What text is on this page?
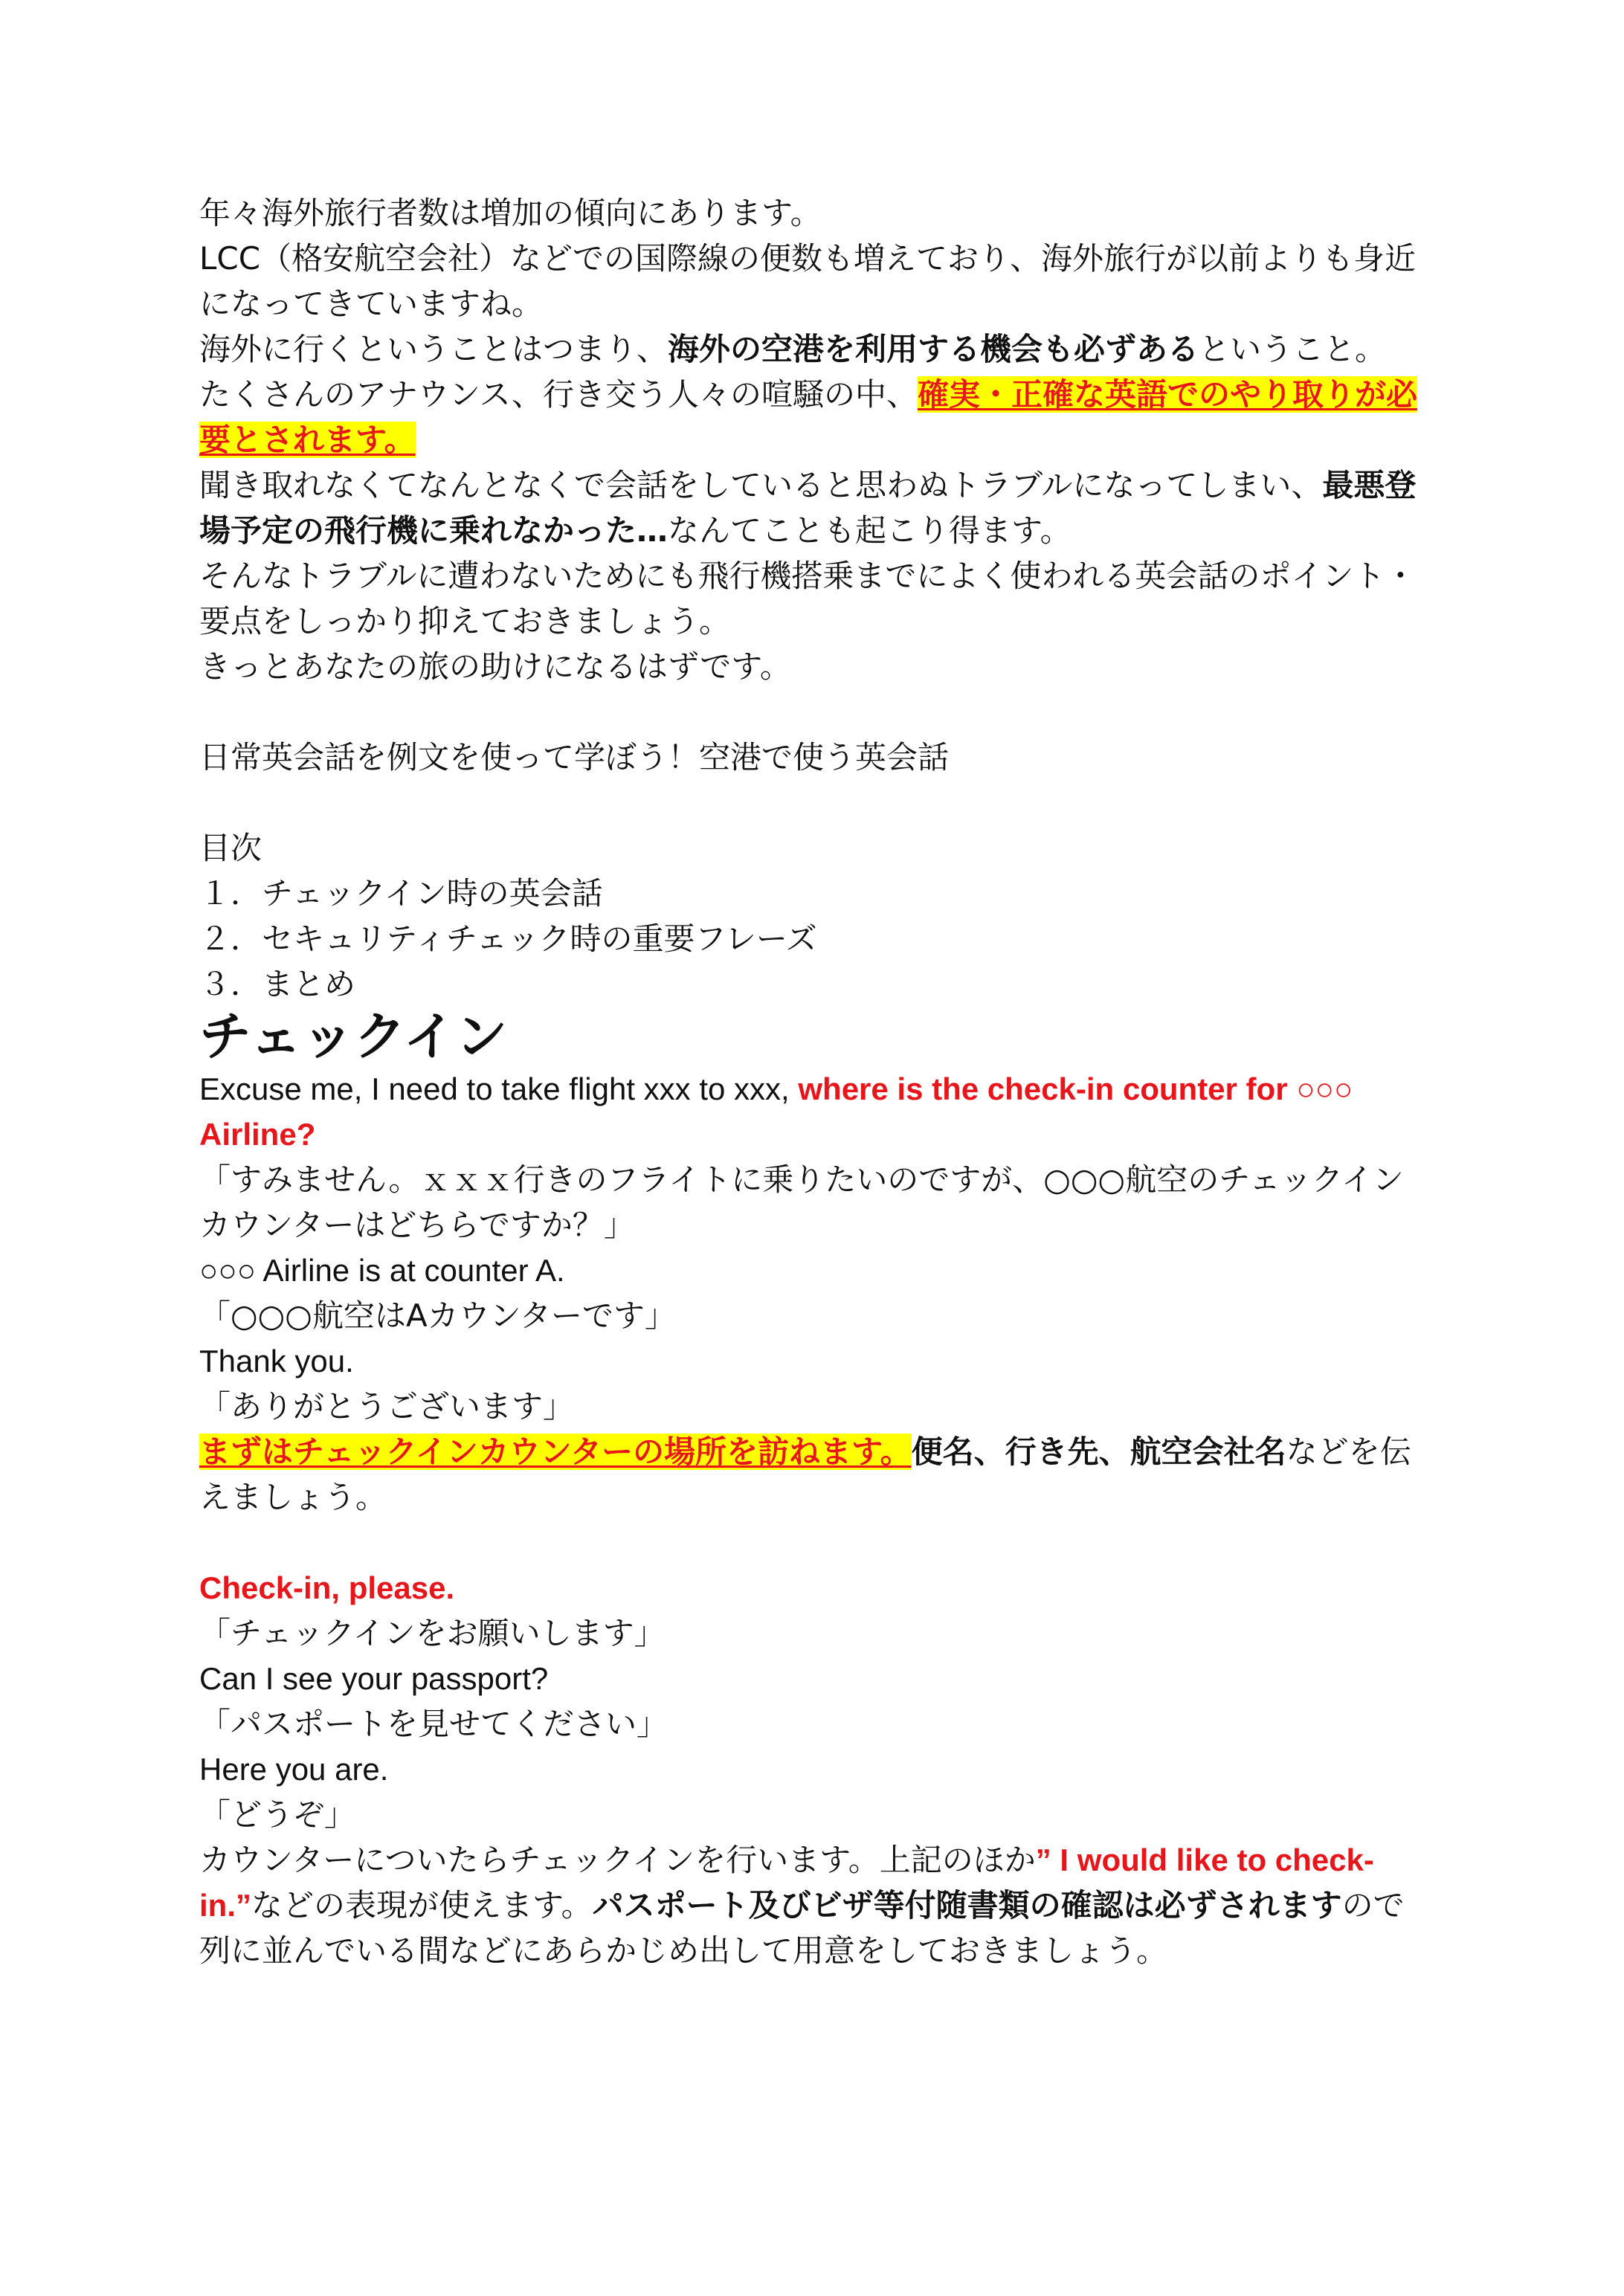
年々海外旅行者数は増加の傾向にあります。

LCC（格安航空会社）などでの国際線の便数も増えており、海外旅行が以前よりも身近になってきていますね。

海外に行くということはつまり、海外の空港を利用する機会も必ずあるということ。

たくさんのアナウンス、行き交う人々の喧騒の中、確実・正確な英語でのやり取りが必要とされます。

聞き取れなくてなんとなくで会話をしていると思わぬトラブルになってしまい、最悪登場予定の飛行機に乗れなかった…なんてことも起こり得ます。

そんなトラブルに遭わないためにも飛行機搭乗までによく使われる英会話のポイント・要点をしっかり抑えておきましょう。

きっとあなたの旅の助けになるはずです。

日常英会話を例文を使って学ぼう！空港で使う英会話

目次

１．チェックイン時の英会話

２．セキュリティチェック時の重要フレーズ

３．まとめ

チェックイン

Excuse me, I need to take flight xxx to xxx, where is the check-in counter for ○○○ Airline?

「すみません。ｘｘｘ行きのフライトに乗りたいのですが、○○○航空のチェックインカウンターはどちらですか？」

○○○ Airline is at counter A.

「○○○航空はAカウンターです」

Thank you.

「ありがとうございます」

まずはチェックインカウンターの場所を訪ねます。便名、行き先、航空会社名などを伝えましょう。

Check-in, please.

「チェックインをお願いします」

Can I see your passport?

「パスポートを見せてください」

Here you are.

「どうぞ」

カウンターについたらチェックインを行います。上記のほか” I would like to check-in.”などの表現が使えます。パスポート及びビザ等付随書類の確認は必ずされますので列に並んでいる間などにあらかじめ出して用意をしておきましょう。
